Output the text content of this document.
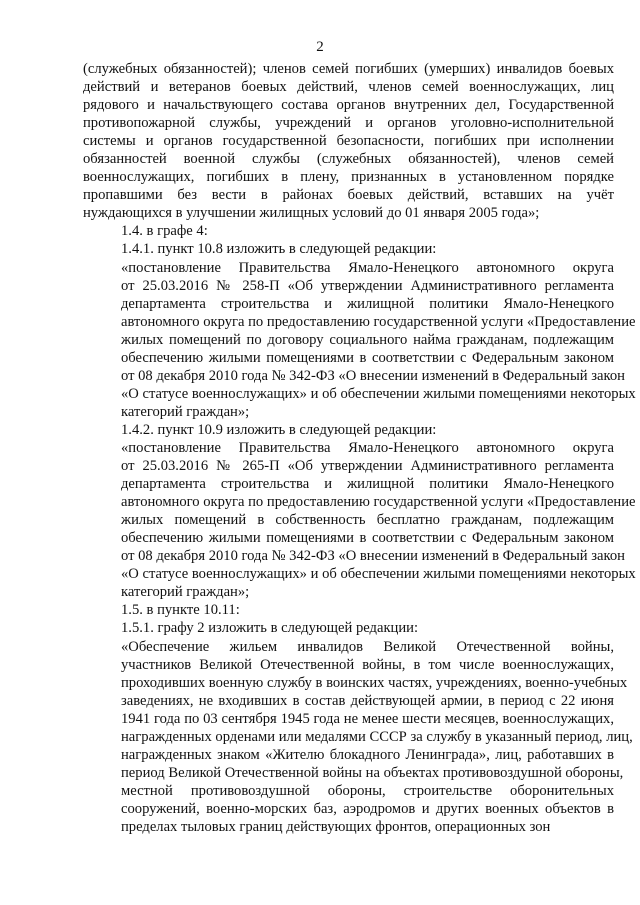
2
(служебных обязанностей); членов семей погибших (умерших) инвалидов боевых
действий и ветеранов боевых действий, членов семей военнослужащих, лиц
рядового и начальствующего состава органов внутренних дел, Государственной
противопожарной службы, учреждений и органов уголовно-исполнительной
системы и органов государственной безопасности, погибших при исполнении
обязанностей военной службы (служебных обязанностей), членов семей
военнослужащих, погибших в плену, признанных в установленном порядке
пропавшими без вести в районах боевых действий, вставших на учёт
нуждающихся в улучшении жилищных условий до 01 января 2005 года»;
1.4. в графе 4:
1.4.1. пункт 10.8 изложить в следующей редакции:
«постановление Правительства Ямало-Ненецкого автономного округа
от 25.03.2016 № 258-П «Об утверждении Административного регламента
департамента строительства и жилищной политики Ямало-Ненецкого
автономного округа по предоставлению государственной услуги «Предоставление
жилых помещений по договору социального найма гражданам, подлежащим
обеспечению жилыми помещениями в соответствии с Федеральным законом
от 08 декабря 2010 года № 342-ФЗ «О внесении изменений в Федеральный закон
«О статусе военнослужащих» и об обеспечении жилыми помещениями некоторых
категорий граждан»;
1.4.2. пункт 10.9 изложить в следующей редакции:
«постановление Правительства Ямало-Ненецкого автономного округа
от 25.03.2016 № 265-П «Об утверждении Административного регламента
департамента строительства и жилищной политики Ямало-Ненецкого
автономного округа по предоставлению государственной услуги «Предоставление
жилых помещений в собственность бесплатно гражданам, подлежащим
обеспечению жилыми помещениями в соответствии с Федеральным законом
от 08 декабря 2010 года № 342-ФЗ «О внесении изменений в Федеральный закон
«О статусе военнослужащих» и об обеспечении жилыми помещениями некоторых
категорий граждан»;
1.5. в пункте 10.11:
1.5.1. графу 2 изложить в следующей редакции:
«Обеспечение жильем инвалидов Великой Отечественной войны,
участников Великой Отечественной войны, в том числе военнослужащих,
проходивших военную службу в воинских частях, учреждениях, военно-учебных
заведениях, не входивших в состав действующей армии, в период с 22 июня
1941 года по 03 сентября 1945 года не менее шести месяцев, военнослужащих,
награжденных орденами или медалями СССР за службу в указанный период, лиц,
награжденных знаком «Жителю блокадного Ленинграда», лиц, работавших в
период Великой Отечественной войны на объектах противовоздушной обороны,
местной противовоздушной обороны, строительстве оборонительных
сооружений, военно-морских баз, аэродромов и других военных объектов в
пределах тыловых границ действующих фронтов, операционных зон
